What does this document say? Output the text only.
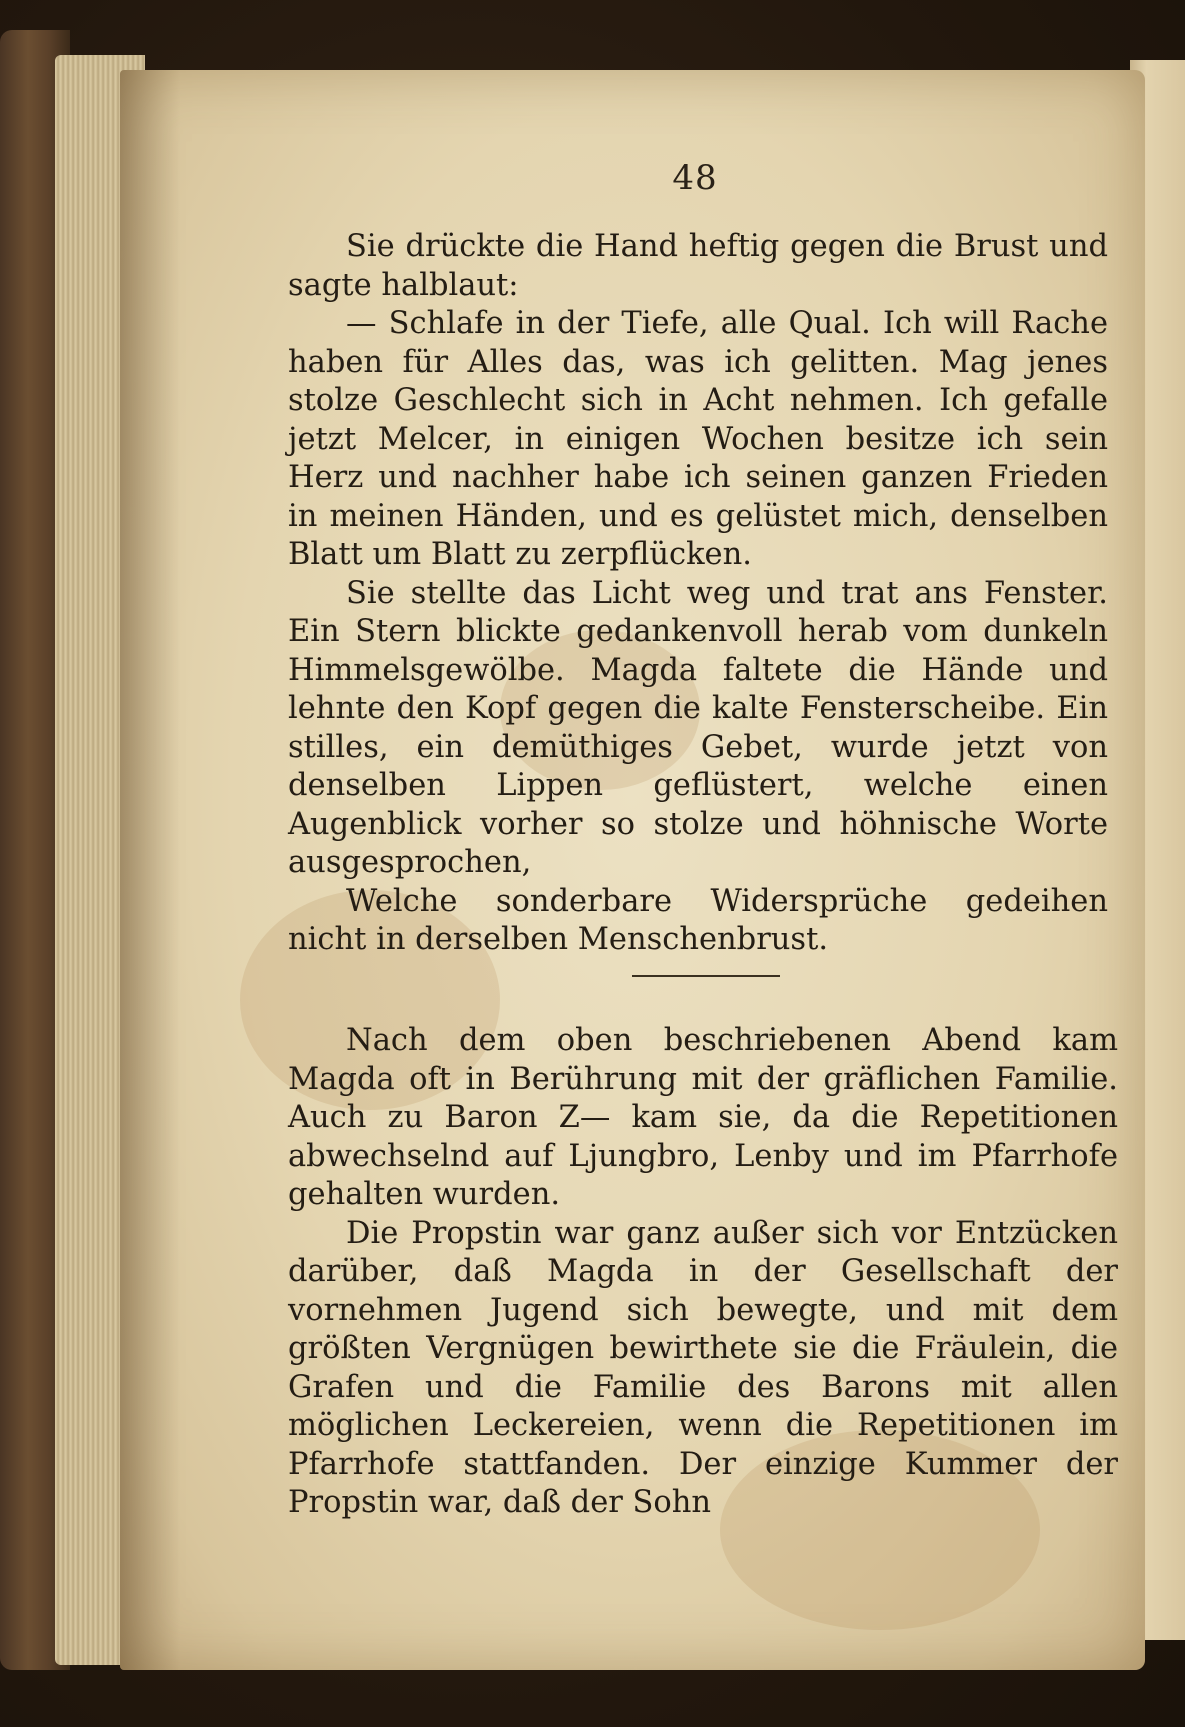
48

Sie drückte die Hand heftig gegen die Brust und sagte halblaut:

— Schlafe in der Tiefe, alle Qual. Ich will Rache haben für Alles das, was ich gelitten. Mag jenes stolze Geschlecht sich in Acht nehmen. Ich gefalle jetzt Melcer, in einigen Wochen besitze ich sein Herz und nachher habe ich seinen ganzen Frieden in meinen Händen, und es gelüstet mich, denselben Blatt um Blatt zu zerpflücken.

Sie stellte das Licht weg und trat ans Fenster. Ein Stern blickte gedankenvoll herab vom dunkeln Himmelsgewölbe. Magda faltete die Hände und lehnte den Kopf gegen die kalte Fensterscheibe. Ein stilles, ein demüthiges Gebet, wurde jetzt von denselben Lippen geflüstert, welche einen Augenblick vorher so stolze und höhnische Worte ausgesprochen,

Welche sonderbare Widersprüche gedeihen nicht in derselben Menschenbrust.

Nach dem oben beschriebenen Abend kam Magda oft in Berührung mit der gräflichen Familie. Auch zu Baron Z— kam sie, da die Repetitionen abwechselnd auf Ljungbro, Lenby und im Pfarrhofe gehalten wurden.

Die Propstin war ganz außer sich vor Entzücken darüber, daß Magda in der Gesellschaft der vornehmen Jugend sich bewegte, und mit dem größten Vergnügen bewirthete sie die Fräulein, die Grafen und die Familie des Barons mit allen möglichen Leckereien, wenn die Repetitionen im Pfarrhofe stattfanden. Der einzige Kummer der Propstin war, daß der Sohn
